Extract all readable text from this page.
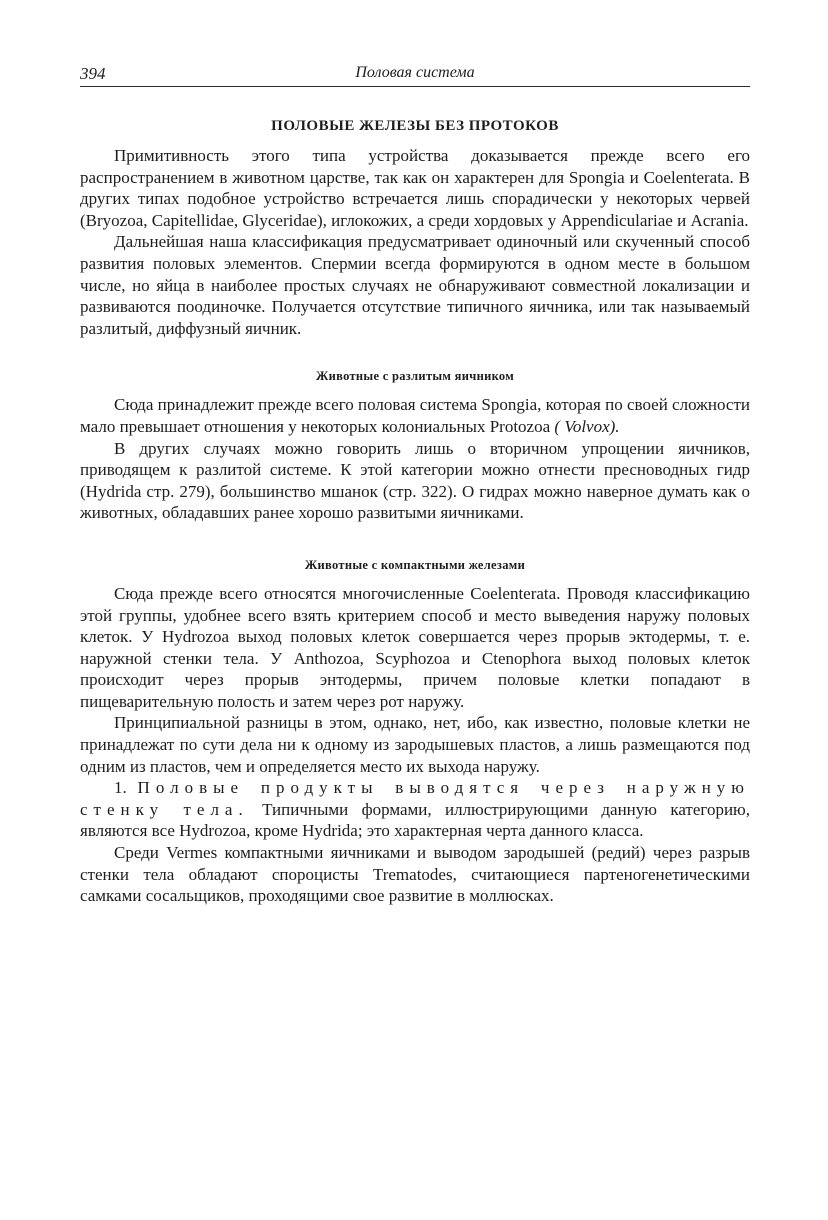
394	Половая система
ПОЛОВЫЕ ЖЕЛЕЗЫ БЕЗ ПРОТОКОВ

Примитивность этого типа устройства доказывается прежде всего его распространением в животном царстве, так как он характерен для Spongia и Coelenterata. В других типах подобное устройство встречается лишь спорадически у некоторых червей (Bryozoa, Capitellidae, Glyceridae), иглокожих, а среди хордовых у Appendiculariae и Acrania.

Дальнейшая наша классификация предусматривает одиночный или скученный способ развития половых элементов. Спермии всегда формируются в одном месте в большом числе, но яйца в наиболее простых случаях не обнаруживают совместной локализации и развиваются поодиночке. Получается отсутствие типичного яичника, или так называемый разлитый, диффузный яичник.

Животные с разлитым яичником

Сюда принадлежит прежде всего половая система Spongia, которая по своей сложности мало превышает отношения у некоторых колониальных Protozoa ( Volvox).

В других случаях можно говорить лишь о вторичном упрощении яичников, приводящем к разлитой системе. К этой категории можно отнести пресноводных гидр (Hydrida стр. 279), большинство мшанок (стр. 322). О гидрах можно наверное думать как о животных, обладавших ранее хорошо развитыми яичниками.

Животные с компактными железами

Сюда прежде всего относятся многочисленные Coelenterata. Проводя классификацию этой группы, удобнее всего взять критерием способ и место выведения наружу половых клеток. У Hydrozoa выход половых клеток совершается через прорыв эктодермы, т. е. наружной стенки тела. У Anthozoa, Scyphozoa и Ctenophora выход половых клеток происходит через прорыв энтодермы, причем половые клетки попадают в пищеварительную полость и затем через рот наружу.

Принципиальной разницы в этом, однако, нет, ибо, как известно, половые клетки не принадлежат по сути дела ни к одному из зародышевых пластов, а лишь размещаются под одним из пластов, чем и определяется место их выхода наружу.

1. Половые продукты выводятся через наружную стенку тела. Типичными формами, иллюстрирующими данную категорию, являются все Hydrozoa, кроме Hydrida; это характерная черта данного класса.

Среди Vermes компактными яичниками и выводом зародышей (редий) через разрыв стенки тела обладают спороцисты Trematodes, считающиеся партеногенетическими самками сосальщиков, проходящими свое развитие в моллюсках.
